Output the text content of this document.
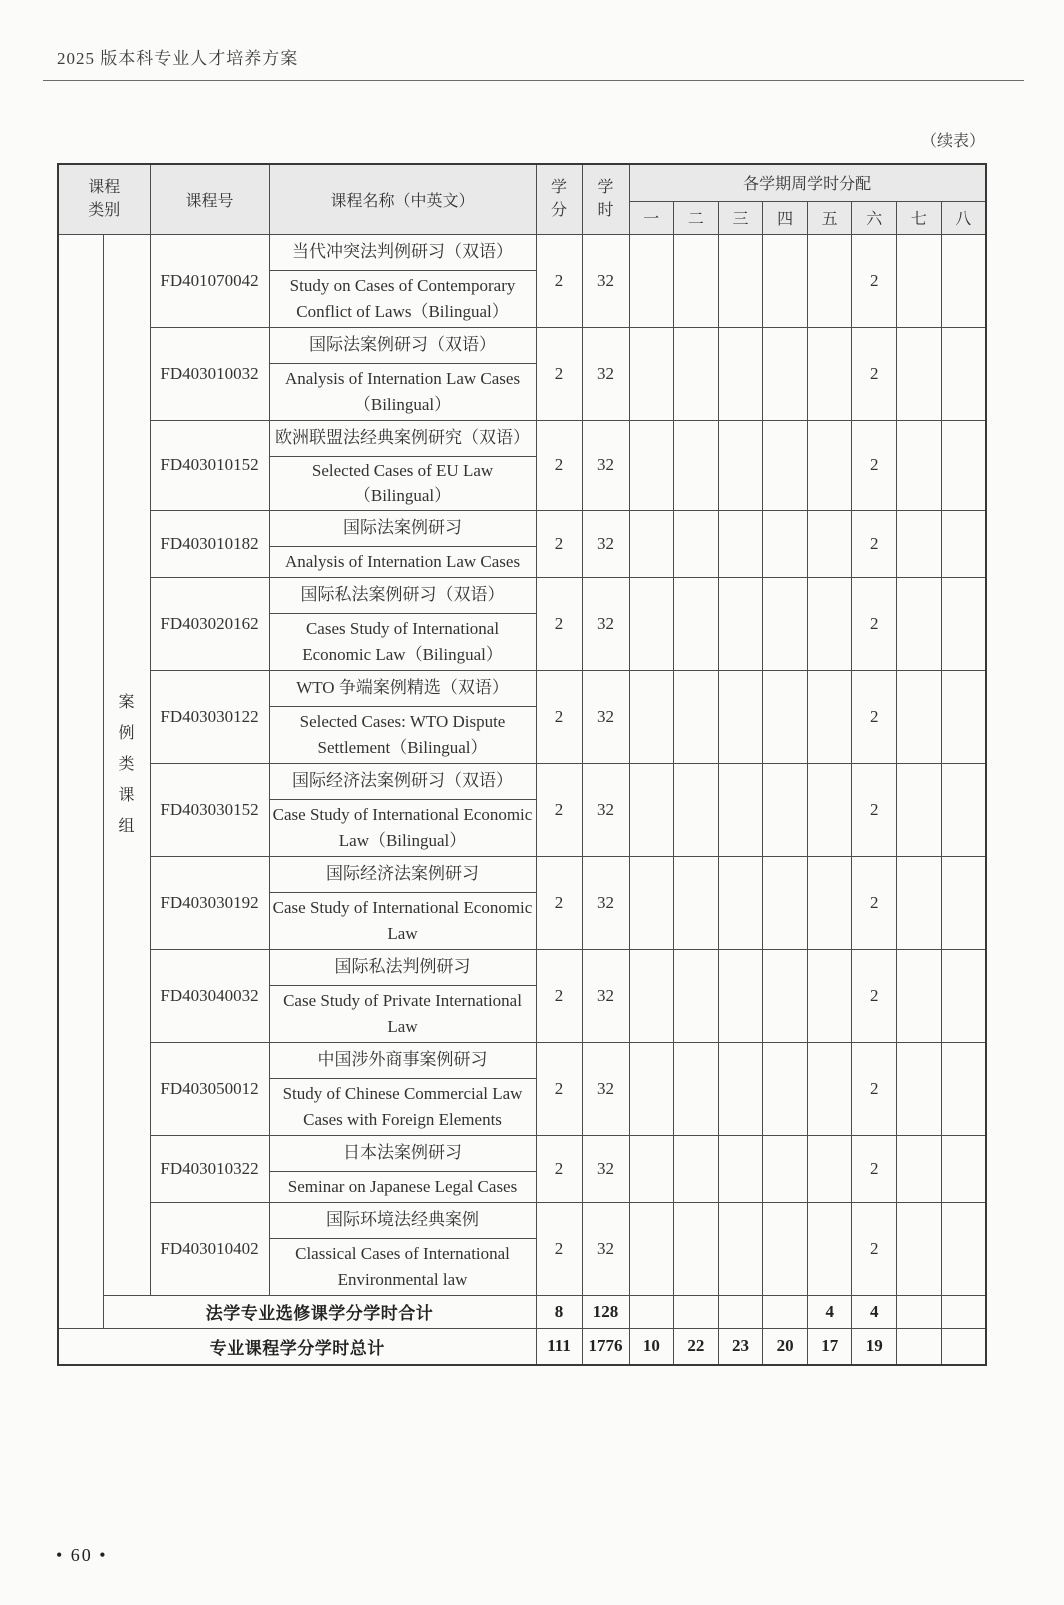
2025 版本科专业人才培养方案
（续表）
课程类别		课程号	课程名称（中英文）	学分	学时	各学期周学时分配							
						一	二	三	四	五	六	七	八
	案例类课组	FD401070042	当代冲突法判例研习（双语）	2	32						2		
			Study on Cases of Contemporary Conflict of Laws（Bilingual）										
		FD403010032	国际法案例研习（双语）	2	32						2		
			Analysis of Internation Law Cases（Bilingual）										
		FD403010152	欧洲联盟法经典案例研究（双语）	2	32						2		
			Selected Cases of EU Law（Bilingual）										
		FD403010182	国际法案例研习	2	32						2		
			Analysis of Internation Law Cases										
		FD403020162	国际私法案例研习（双语）	2	32						2		
			Cases Study of International Economic Law（Bilingual）										
		FD403030122	WTO 争端案例精选（双语）	2	32						2		
			Selected Cases: WTO Dispute Settlement（Bilingual）										
		FD403030152	国际经济法案例研习（双语）	2	32						2		
			Case Study of International Economic Law（Bilingual）										
		FD403030192	国际经济法案例研习	2	32						2		
			Case Study of International Economic Law										
		FD403040032	国际私法判例研习	2	32						2		
			Case Study of Private International Law										
		FD403050012	中国涉外商事案例研习	2	32						2		
			Study of Chinese Commercial Law Cases with Foreign Elements										
		FD403010322	日本法案例研习	2	32						2		
			Seminar on Japanese Legal Cases										
		FD403010402	国际环境法经典案例	2	32						2		
			Classical Cases of International Environmental law										
	法学专业选修课学分学时合计			8	128					4	4		
专业课程学分学时总计				111	1776	10	22	23	20	17	19		
• 60 •
